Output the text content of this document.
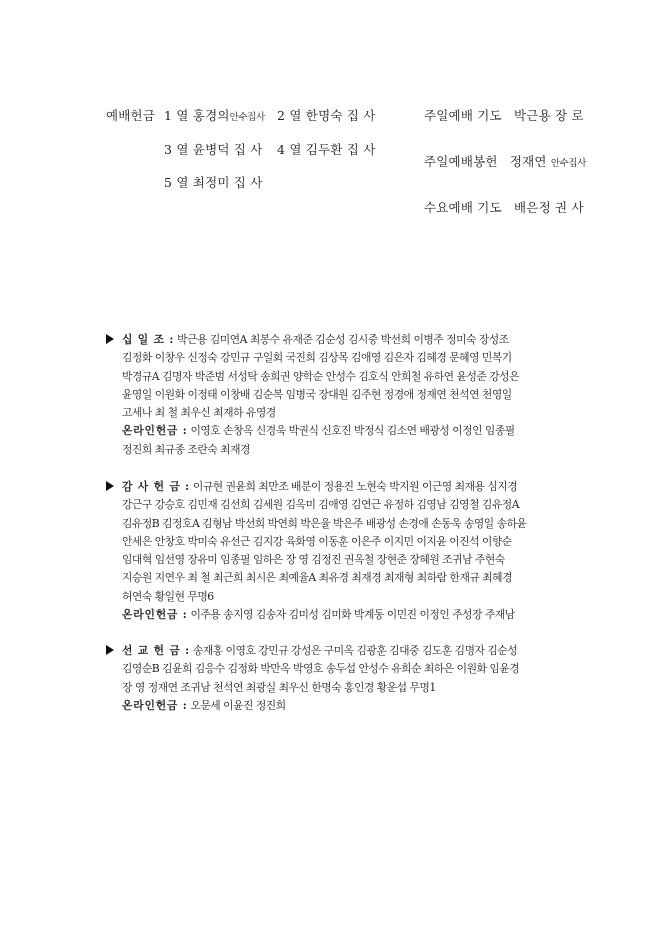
예배헌금 1 열 홍경의안수집사 2 열 한명숙 집 사
3 열 윤병덕 집 사 4 열 김두환 집 사
5 열 최정미 집 사
주일예배 기도 박근용 장 로
주일예배봉헌 정재연 안수집사
수요예배 기도 배은정 권 사
십 일 조 : 박근용 김미연A 최봉수 유재준 김순성 김시중 박선희 이병주 정미숙 장성조
김정화 이창우 신정숙 강민규 구일회 국진희 김상목 김애영 김은자 김혜경 문혜영 민복기
박경규A 김명자 박준범 서성탁 송희권 양학순 안성수 김호식 안희철 유하연 윤성준 강성은
윤영일 이원화 이정태 이창배 김순복 임병국 장대원 김주현 정경애 정재연 천석연 천영일
고세나 최 철 최우신 최재하 유영경
온라인헌금 : 이영호 손창옥 신경욱 박권식 신호진 박정식 김소연 배광성 이정인 임종필
정진희 최규종 조란숙 최재경
감 사 헌 금 : 이규현 권윤희 최만조 배분이 정용진 노현숙 박지원 이근영 최재용 심지경
강근구 강승호 김민재 김선희 김세원 김옥미 김애영 김연근 유정하 김영남 김영철 김유정A
김유정B 김정호A 김형남 박선희 박연희 박은율 박은주 배광성 손경애 손동욱 송영일 송하윤
안세은 안창호 박미숙 유선근 김지강 육화영 이동훈 이은주 이지민 이지윤 이진석 이향순
임대혁 임선영 장유미 임종필 임하은 장 영 김정진 권옥철 장현준 장혜원 조귀남 주현숙
지승원 지연우 최 철 최근희 최시은 최예율A 최유경 최재경 최재형 최하람 한재규 최혜경
허연숙 황일현 무명6
온라인헌금 : 이주용 송지영 김송자 김미성 김미화 박계동 이민진 이정인 주성장 주재남
선 교 헌 금 : 송재홍 이영호 강민규 강성은 구미옥 김광훈 김대중 김도훈 김명자 김순성
김영순B 김윤희 김응수 김정화 박만옥 박영호 송두섭 안성수 유희순 최하은 이원화 임윤경
장 영 정재연 조귀남 천석연 최광실 최우신 한명숙 홍인경 황운섭 무명1
온라인헌금 : 오문세 이윤진 정진희
